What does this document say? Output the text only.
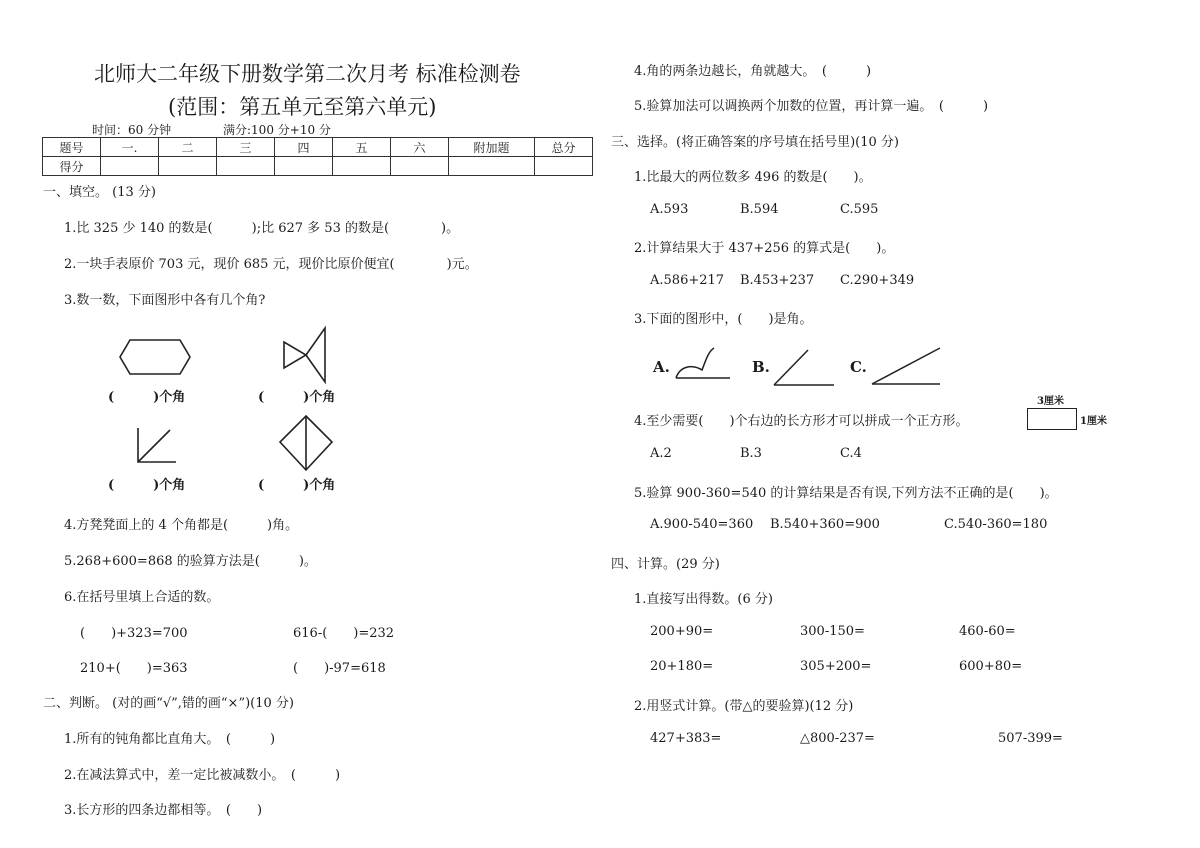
北师大二年级下册数学第二次月考 标准检测卷
(范围：第五单元至第六单元)
时间：60 分钟	满分:100 分+10 分
题号	一.	二	三	四	五	六	附加题	总分
得分								
一、填空。 (13 分)
1.比 325 少 140 的数是(　　　);比 627 多 53 的数是(　　　　)。
2.一块手表原价 703 元，现价 685 元，现价比原价便宜(　　　　)元。
3.数一数，下面图形中各有几个角?
(　　　)个角	(　　　)个角
(　　　)个角	(　　　)个角
4.方凳凳面上的 4 个角都是(　　　)角。
5.268+600=868 的验算方法是(　　　)。
6.在括号里填上合适的数。
(　　)+323=700	616-(　　)=232
210+(　　)=363	(　　)-97=618
二、判断。 (对的画“√”,错的画“×”)(10 分)
1.所有的钝角都比直角大。　(　　　)
2.在减法算式中，差一定比被减数小。　(　　　)
3.长方形的四条边都相等。　(　　)
4.角的两条边越长，角就越大。　(　　　)
5.验算加法可以调换两个加数的位置，再计算一遍。　(　　　)
三、选择。(将正确答案的序号填在括号里)(10 分)
1.比最大的两位数多 496 的数是(　　)。
A.593	B.594	C.595
2.计算结果大于 437+256 的算式是(　　)。
A.586+217 B.453+237 C.290+349
3.下面的图形中，(　　)是角。
A.	B.	C.
4.至少需要(　　)个右边的长方形才可以拼成一个正方形。
3厘米
1厘米
A.2	B.3	C.4
5.验算 900-360=540 的计算结果是否有误,下列方法不正确的是(　　)。
A.900-540=360 B.540+360=900	C.540-360=180
四、计算。(29 分)
1.直接写出得数。(6 分)
200+90=	300-150=	460-60=
20+180=	305+200=	600+80=
2.用竖式计算。(带△的要验算)(12 分)
427+383=	△800-237=	507-399=
